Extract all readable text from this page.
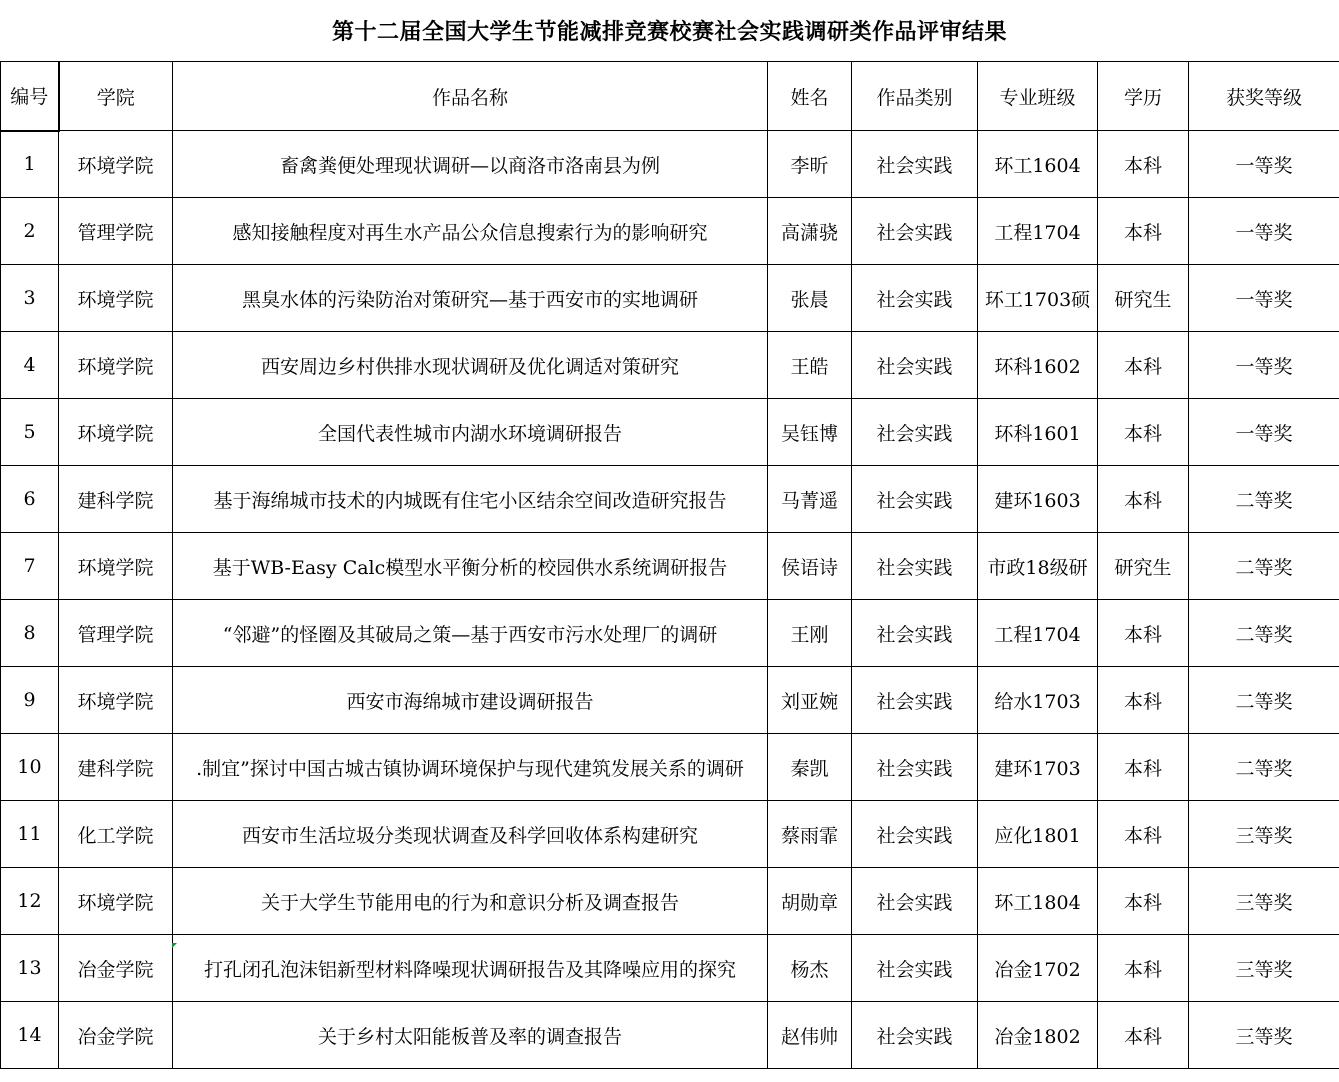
第十二届全国大学生节能减排竞赛校赛社会实践调研类作品评审结果
编号	学院	作品名称	姓名	作品类别	专业班级	学历	获奖等级
1	环境学院	畜禽粪便处理现状调研—以商洛市洛南县为例	李昕	社会实践	环工1604	本科	一等奖
2	管理学院	感知接触程度对再生水产品公众信息搜索行为的影响研究	高潇骁	社会实践	工程1704	本科	一等奖
3	环境学院	黑臭水体的污染防治对策研究—基于西安市的实地调研	张晨	社会实践	环工1703硕	研究生	一等奖
4	环境学院	西安周边乡村供排水现状调研及优化调适对策研究	王皓	社会实践	环科1602	本科	一等奖
5	环境学院	全国代表性城市内湖水环境调研报告	吴钰博	社会实践	环科1601	本科	一等奖
6	建科学院	基于海绵城市技术的内城既有住宅小区结余空间改造研究报告	马菁遥	社会实践	建环1603	本科	二等奖
7	环境学院	基于WB-Easy Calc模型水平衡分析的校园供水系统调研报告	侯语诗	社会实践	市政18级研	研究生	二等奖
8	管理学院	“邻避”的怪圈及其破局之策—基于西安市污水处理厂的调研	王刚	社会实践	工程1704	本科	二等奖
9	环境学院	西安市海绵城市建设调研报告	刘亚婉	社会实践	给水1703	本科	二等奖
10	建科学院	.制宜”探讨中国古城古镇协调环境保护与现代建筑发展关系的调研	秦凯	社会实践	建环1703	本科	二等奖
11	化工学院	西安市生活垃圾分类现状调查及科学回收体系构建研究	蔡雨霏	社会实践	应化1801	本科	三等奖
12	环境学院	关于大学生节能用电的行为和意识分析及调查报告	胡勋章	社会实践	环工1804	本科	三等奖
13	冶金学院	打孔闭孔泡沫铝新型材料降噪现状调研报告及其降噪应用的探究	杨杰	社会实践	冶金1702	本科	三等奖
14	冶金学院	关于乡村太阳能板普及率的调查报告	赵伟帅	社会实践	冶金1802	本科	三等奖
